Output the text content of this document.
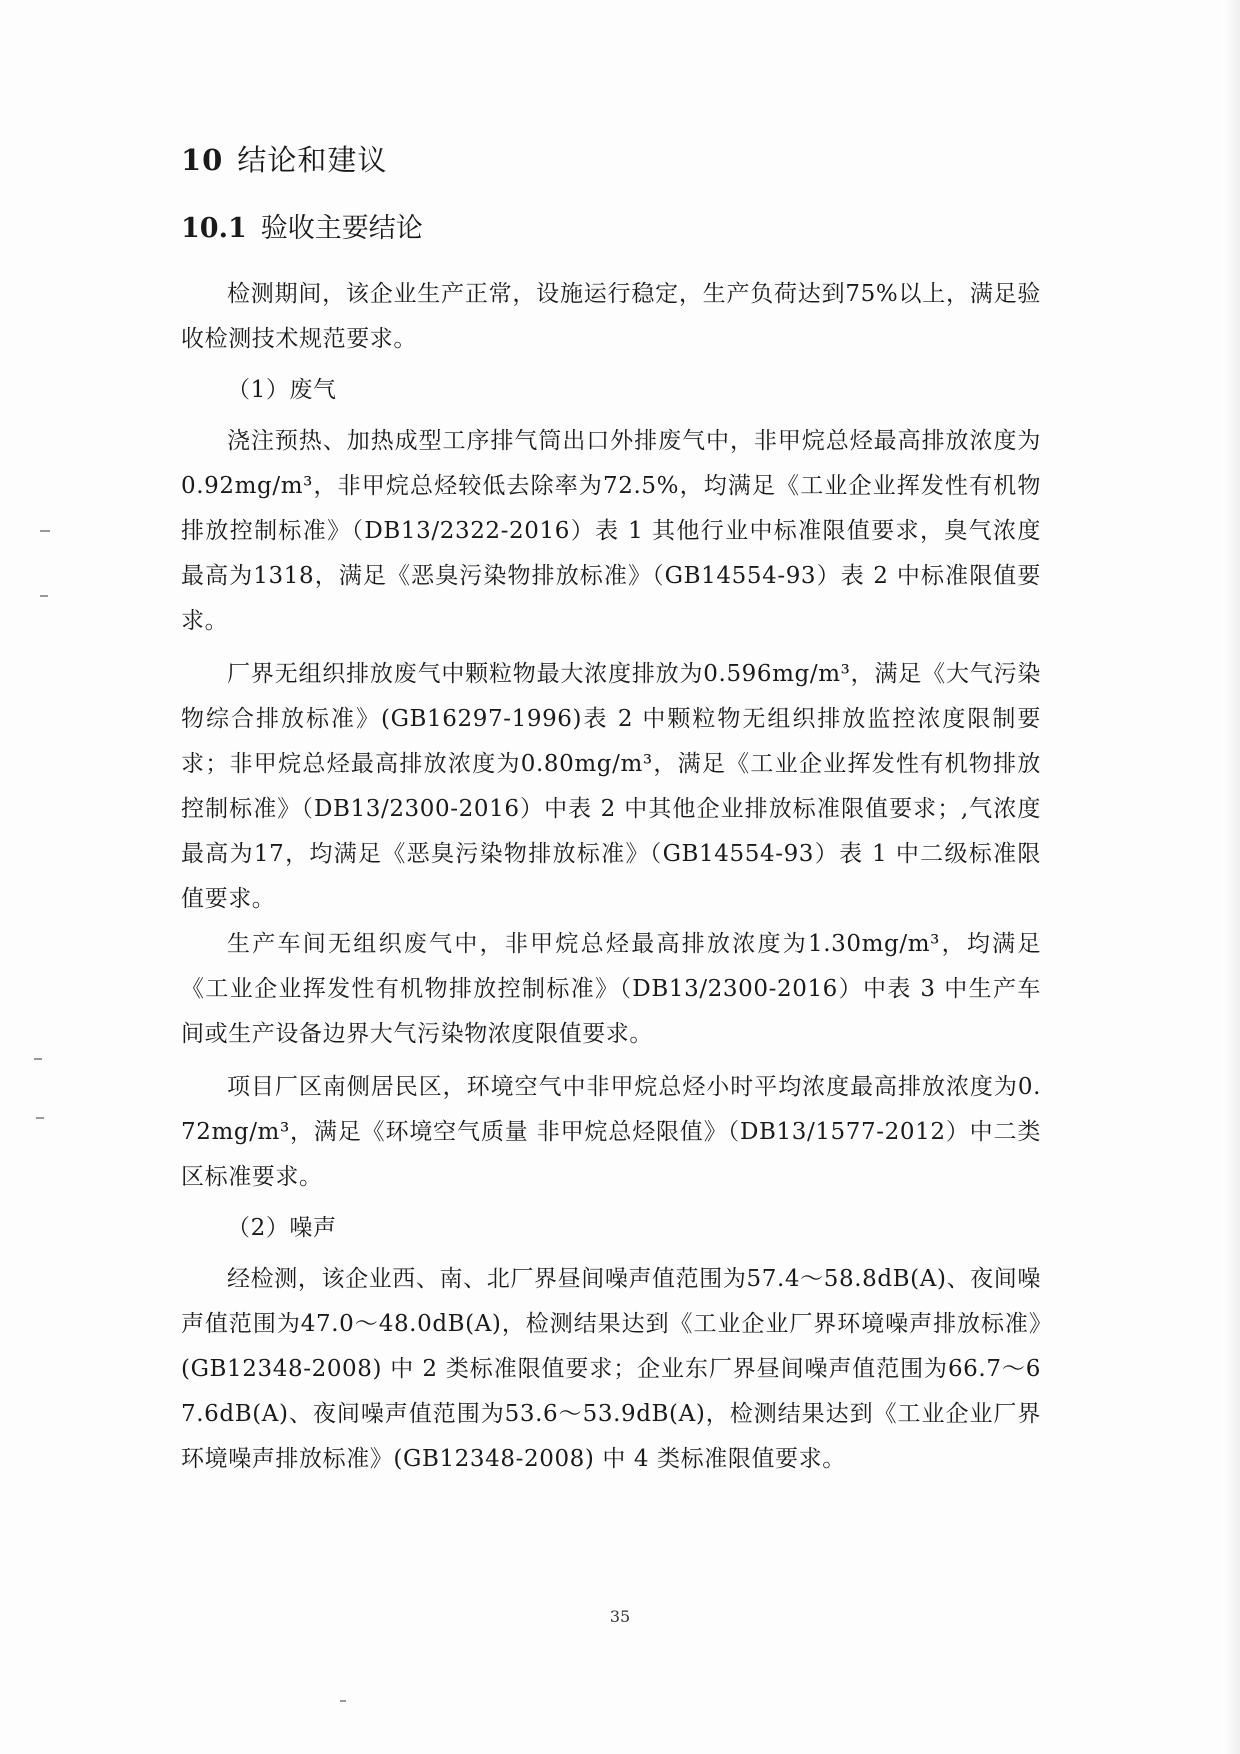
10 结论和建议
10.1 验收主要结论

检测期间，该企业生产正常，设施运行稳定，生产负荷达到75%以上，满足验收检测技术规范要求。

（1）废气

浇注预热、加热成型工序排气筒出口外排废气中，非甲烷总烃最高排放浓度为0.92mg/m³，非甲烷总烃较低去除率为72.5%，均满足《工业企业挥发性有机物排放控制标准》（DB13/2322-2016）表 1 其他行业中标准限值要求，臭气浓度最高为1318，满足《恶臭污染物排放标准》（GB14554-93）表 2 中标准限值要求。

厂界无组织排放废气中颗粒物最大浓度排放为0.596mg/m³，满足《大气污染物综合排放标准》(GB16297-1996)表 2 中颗粒物无组织排放监控浓度限制要求；非甲烷总烃最高排放浓度为0.80mg/m³，满足《工业企业挥发性有机物排放控制标准》（DB13/2300-2016）中表 2 中其他企业排放标准限值要求；,气浓度最高为17，均满足《恶臭污染物排放标准》（GB14554-93）表 1 中二级标准限值要求。

生产车间无组织废气中，非甲烷总烃最高排放浓度为1.30mg/m³，均满足《工业企业挥发性有机物排放控制标准》（DB13/2300-2016）中表 3 中生产车间或生产设备边界大气污染物浓度限值要求。

项目厂区南侧居民区，环境空气中非甲烷总烃小时平均浓度最高排放浓度为0.72mg/m³，满足《环境空气质量 非甲烷总烃限值》（DB13/1577-2012）中二类区标准要求。

（2）噪声

经检测，该企业西、南、北厂界昼间噪声值范围为57.4～58.8dB(A)、夜间噪声值范围为47.0～48.0dB(A)，检测结果达到《工业企业厂界环境噪声排放标准》(GB12348-2008) 中 2 类标准限值要求；企业东厂界昼间噪声值范围为66.7～67.6dB(A)、夜间噪声值范围为53.6～53.9dB(A)，检测结果达到《工业企业厂界环境噪声排放标准》(GB12348-2008) 中 4 类标准限值要求。

35
